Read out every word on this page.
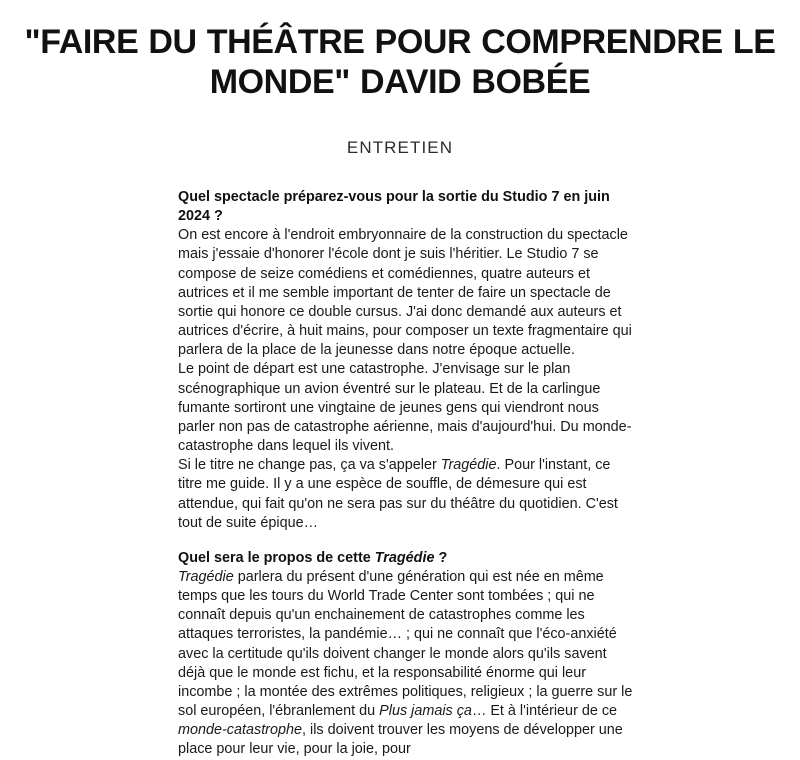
"FAIRE DU THÉÂTRE POUR COMPRENDRE LE MONDE" DAVID BOBÉE
ENTRETIEN

Quel spectacle préparez-vous pour la sortie du Studio 7 en juin 2024 ?

On est encore à l'endroit embryonnaire de la construction du spectacle mais j'essaie d'honorer l'école dont je suis l'héritier. Le Studio 7 se compose de seize comédiens et comédiennes, quatre auteurs et autrices et il me semble important de tenter de faire un spectacle de sortie qui honore ce double cursus. J'ai donc demandé aux auteurs et autrices d'écrire, à huit mains, pour composer un texte fragmentaire qui parlera de la place de la jeunesse dans notre époque actuelle.

Le point de départ est une catastrophe. J'envisage sur le plan scénographique un avion éventré sur le plateau. Et de la carlingue fumante sortiront une vingtaine de jeunes gens qui viendront nous parler non pas de catastrophe aérienne, mais d'aujourd'hui. Du monde-catastrophe dans lequel ils vivent.

Si le titre ne change pas, ça va s'appeler Tragédie. Pour l'instant, ce titre me guide. Il y a une espèce de souffle, de démesure qui est attendue, qui fait qu'on ne sera pas sur du théâtre du quotidien. C'est tout de suite épique…

Quel sera le propos de cette Tragédie ?

Tragédie parlera du présent d'une génération qui est née en même temps que les tours du World Trade Center sont tombées ; qui ne connaît depuis qu'un enchainement de catastrophes comme les attaques terroristes, la pandémie… ; qui ne connaît que l'éco-anxiété avec la certitude qu'ils doivent changer le monde alors qu'ils savent déjà que le monde est fichu, et la responsabilité énorme qui leur incombe ; la montée des extrêmes politiques, religieux ; la guerre sur le sol européen, l'ébranlement du Plus jamais ça… Et à l'intérieur de ce monde-catastrophe, ils doivent trouver les moyens de développer une place pour leur vie, pour la joie, pour
